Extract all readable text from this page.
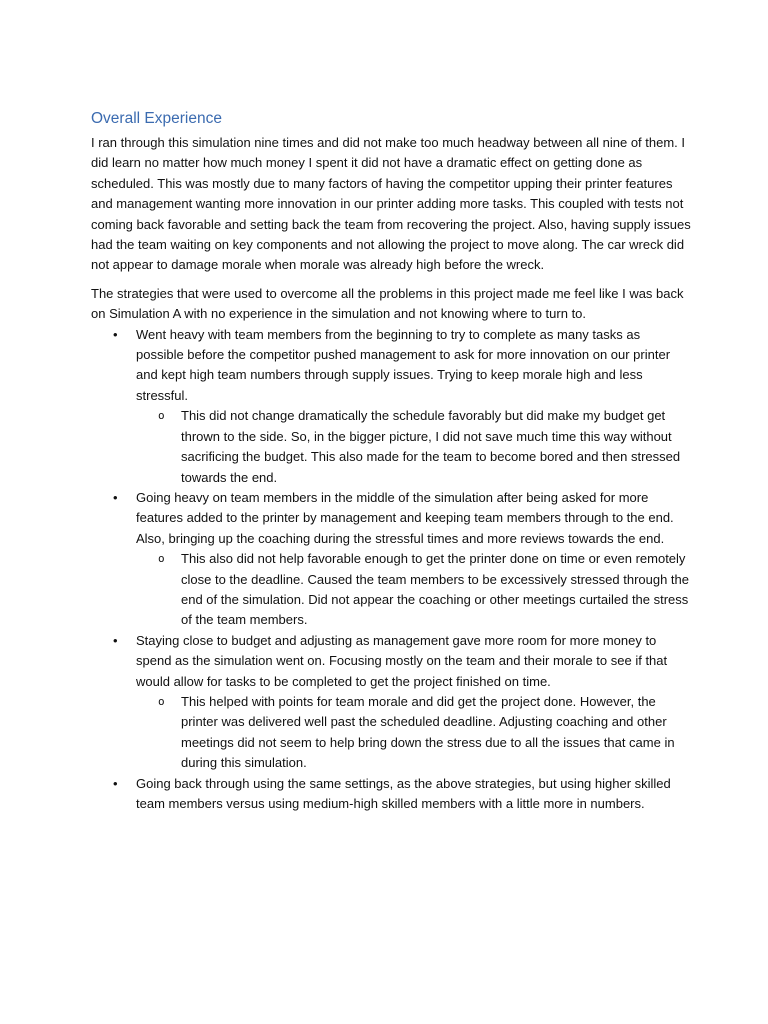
Overall Experience

I ran through this simulation nine times and did not make too much headway between all nine of them. I did learn no matter how much money I spent it did not have a dramatic effect on getting done as scheduled. This was mostly due to many factors of having the competitor upping their printer features and management wanting more innovation in our printer adding more tasks. This coupled with tests not coming back favorable and setting back the team from recovering the project. Also, having supply issues had the team waiting on key components and not allowing the project to move along. The car wreck did not appear to damage morale when morale was already high before the wreck.

The strategies that were used to overcome all the problems in this project made me feel like I was back on Simulation A with no experience in the simulation and not knowing where to turn to.

• Went heavy with team members from the beginning to try to complete as many tasks as possible before the competitor pushed management to ask for more innovation on our printer and kept high team numbers through supply issues. Trying to keep morale high and less stressful.
o This did not change dramatically the schedule favorably but did make my budget get thrown to the side. So, in the bigger picture, I did not save much time this way without sacrificing the budget. This also made for the team to become bored and then stressed towards the end.
• Going heavy on team members in the middle of the simulation after being asked for more features added to the printer by management and keeping team members through to the end. Also, bringing up the coaching during the stressful times and more reviews towards the end.
o This also did not help favorable enough to get the printer done on time or even remotely close to the deadline. Caused the team members to be excessively stressed through the end of the simulation. Did not appear the coaching or other meetings curtailed the stress of the team members.
• Staying close to budget and adjusting as management gave more room for more money to spend as the simulation went on. Focusing mostly on the team and their morale to see if that would allow for tasks to be completed to get the project finished on time.
o This helped with points for team morale and did get the project done. However, the printer was delivered well past the scheduled deadline. Adjusting coaching and other meetings did not seem to help bring down the stress due to all the issues that came in during this simulation.
• Going back through using the same settings, as the above strategies, but using higher skilled team members versus using medium-high skilled members with a little more in numbers.
